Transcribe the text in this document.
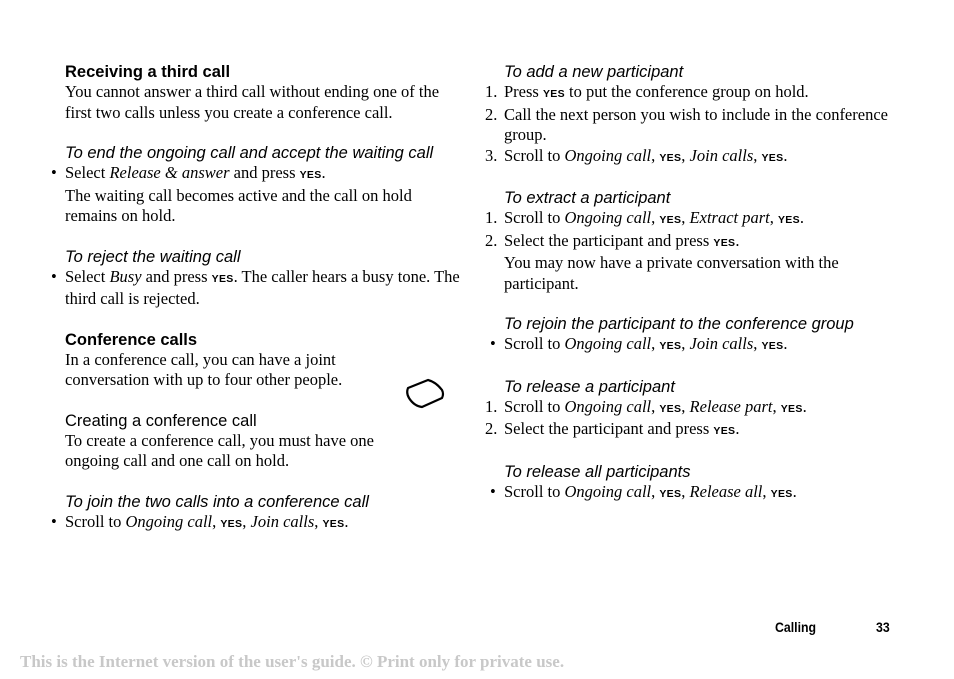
Receiving a third call
You cannot answer a third call without ending one of the first two calls unless you create a conference call.
To end the ongoing call and accept the waiting call
• Select Release & answer and press YES.
The waiting call becomes active and the call on hold remains on hold.
To reject the waiting call
• Select Busy and press YES. The caller hears a busy tone. The third call is rejected.
Conference calls
In a conference call, you can have a joint conversation with up to four other people.
Creating a conference call
To create a conference call, you must have one ongoing call and one call on hold.
To join the two calls into a conference call
• Scroll to Ongoing call, YES, Join calls, YES.
To add a new participant
1. Press YES to put the conference group on hold.
2. Call the next person you wish to include in the conference group.
3. Scroll to Ongoing call, YES, Join calls, YES.
To extract a participant
1. Scroll to Ongoing call, YES, Extract part, YES.
2. Select the participant and press YES.
You may now have a private conversation with the participant.
To rejoin the participant to the conference group
• Scroll to Ongoing call, YES, Join calls, YES.
To release a participant
1. Scroll to Ongoing call, YES, Release part, YES.
2. Select the participant and press YES.
To release all participants
• Scroll to Ongoing call, YES, Release all, YES.
Calling	33
This is the Internet version of the user's guide. © Print only for private use.
